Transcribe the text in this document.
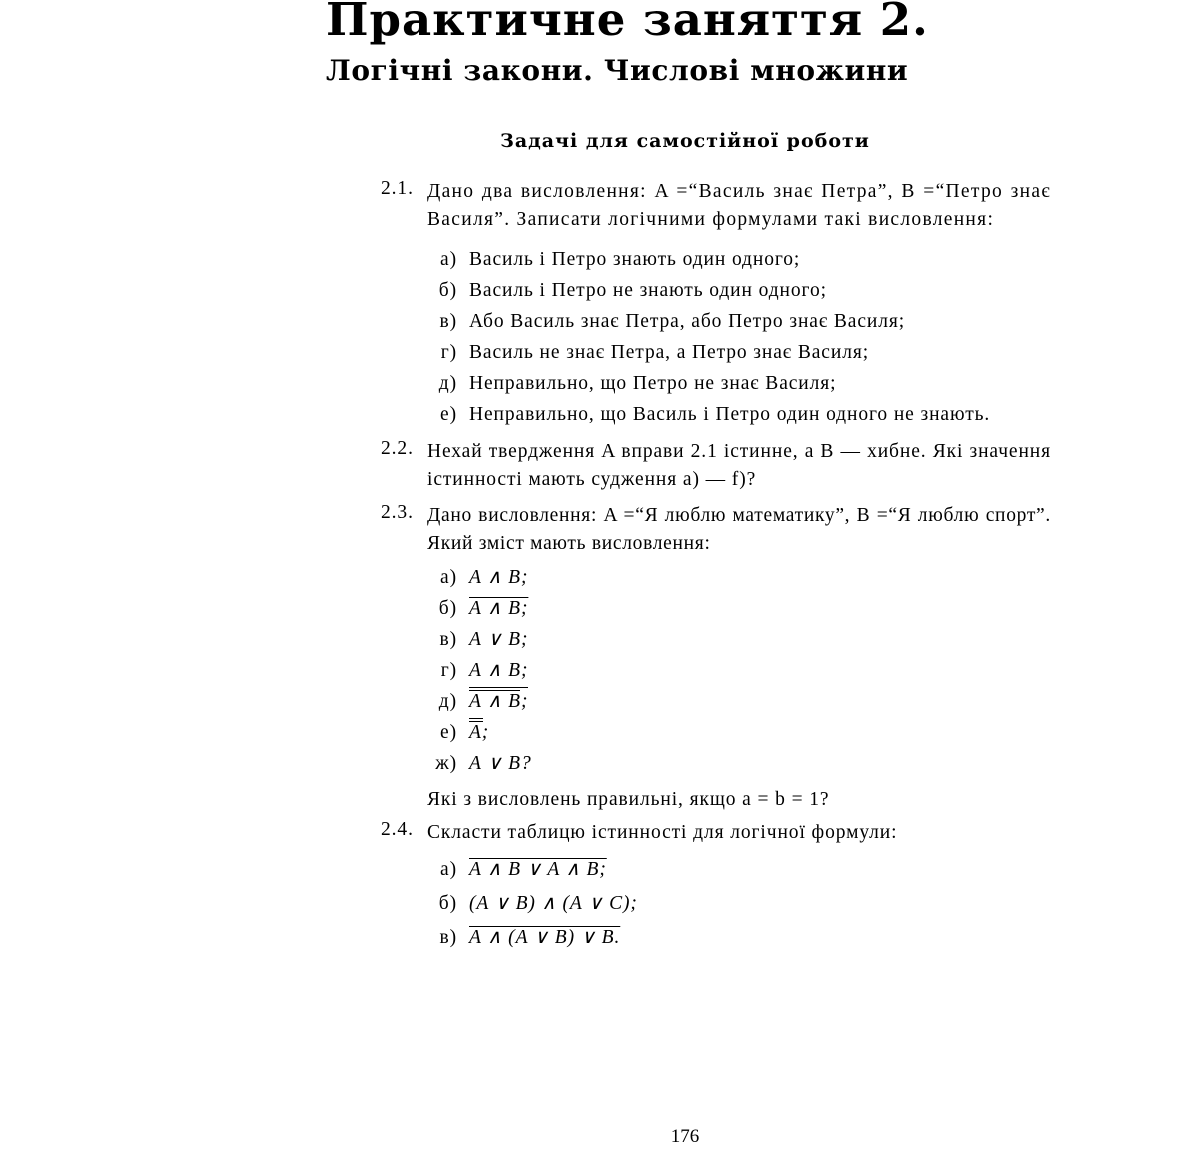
Практичне заняття 2.
Логічні закони. Числові множини
Задачі для самостійної роботи
2.1. Дано два висловлення: A =“Василь знає Петра”, B =“Петро знає Василя”. Записати логічними формулами такі висловлення:
а) Василь і Петро знають один одного;
б) Василь і Петро не знають один одного;
в) Або Василь знає Петра, або Петро знає Василя;
г) Василь не знає Петра, а Петро знає Василя;
д) Неправильно, що Петро не знає Василя;
е) Неправильно, що Василь і Петро один одного не знають.
2.2. Нехай твердження A вправи 2.1 істинне, а B — хибне. Які значення істинності мають судження a) — f)?
2.3. Дано висловлення: A =“Я люблю математику”, B =“Я люблю спорт”. Який зміст мають висловлення:
а) A ∧ B;
б) A ∧ B;
в) A ∨ B;
г) A ∧ B;
д) A ∧ B;
е) A;
ж) A ∨ B?
Які з висловлень правильні, якщо a = b = 1?
2.4. Скласти таблицю істинності для логічної формули:
а) A ∧ B ∨ A ∧ B;
б) (A ∨ B) ∧ (A ∨ C);
в) A ∧ (A ∨ B) ∨ B.
176
